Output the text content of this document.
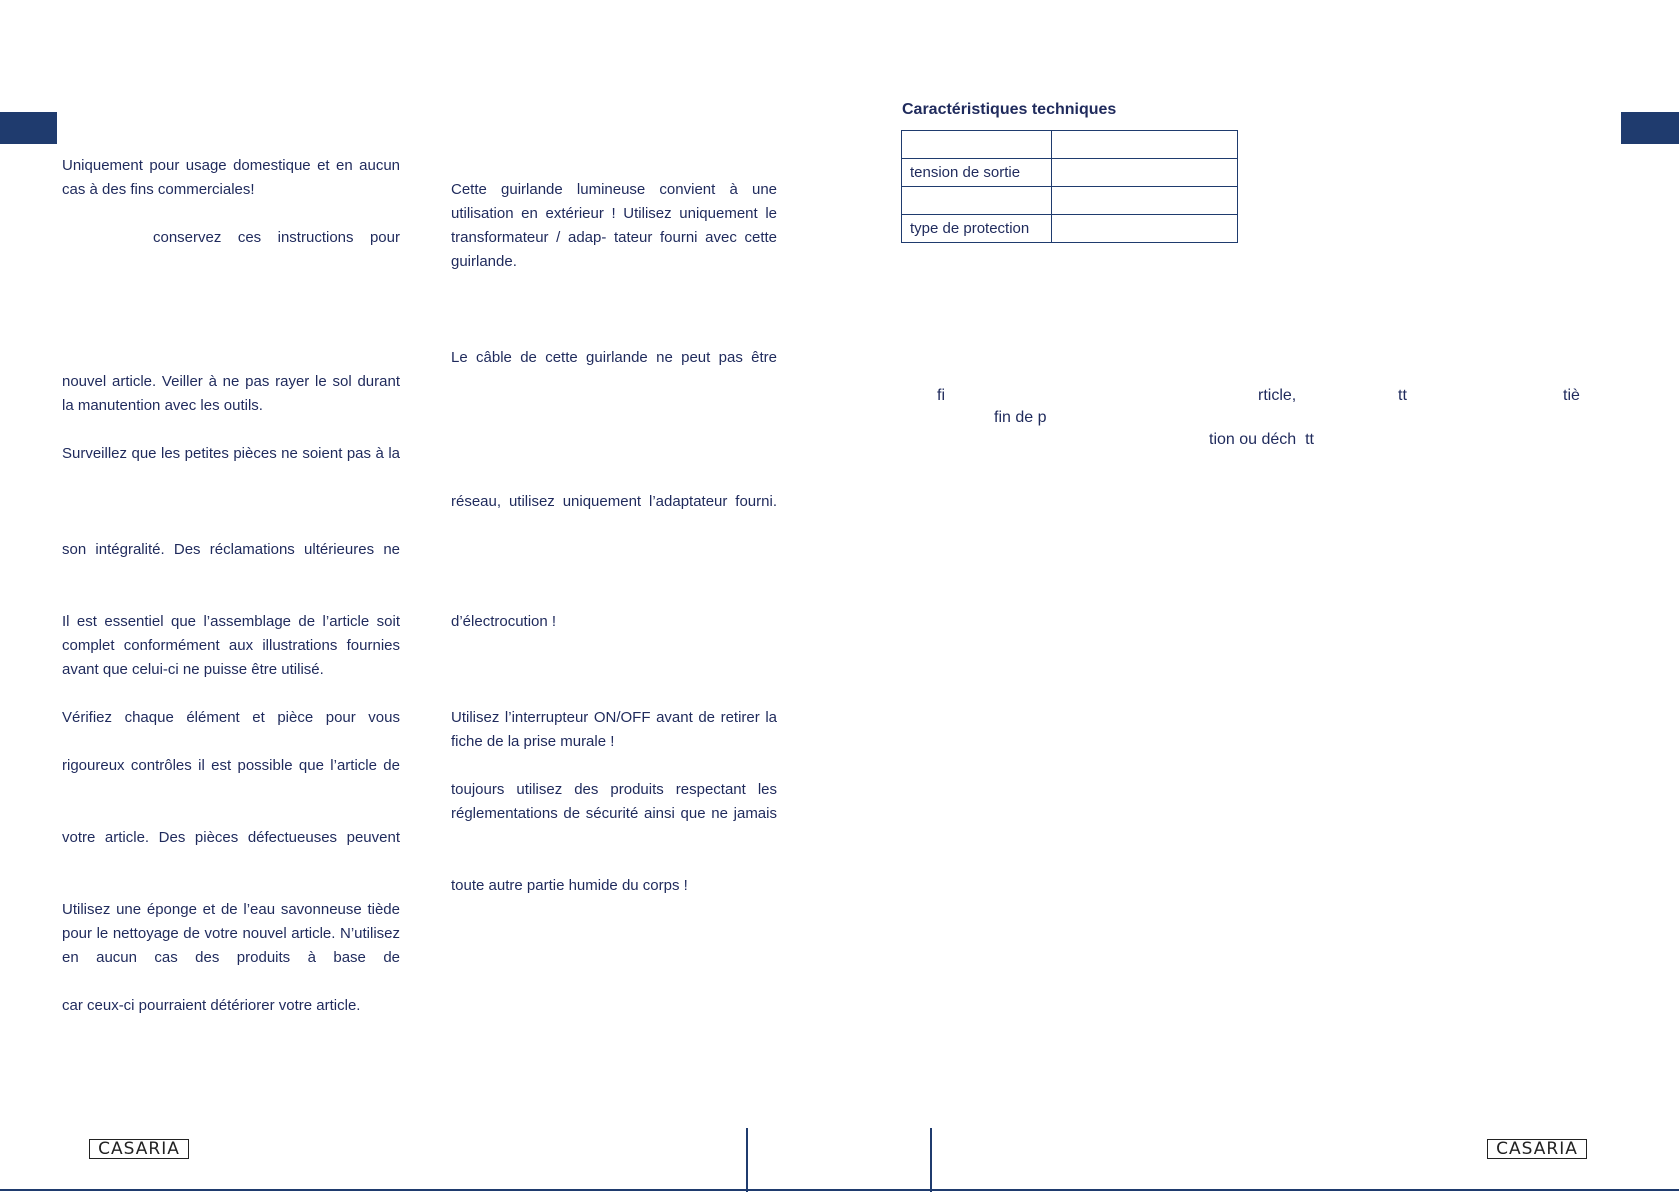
Uniquement pour usage domestique et en aucun cas à des fins commerciales!

conservez ces instructions pour

nouvel article. Veiller à ne pas rayer le sol durant la manutention avec les outils.

Surveillez que les petites pièces ne soient pas à la

son intégralité. Des réclamations ultérieures ne

Il est essentiel que l’assemblage de l’article soit complet conformément aux illustrations fournies avant que celui-ci ne puisse être utilisé.

Vérifiez chaque élément et pièce pour vous

rigoureux contrôles il est possible que l’article de

votre article. Des pièces défectueuses peuvent

Utilisez une éponge et de l’eau savonneuse tiède pour le nettoyage de votre nouvel article. N’utilisez en aucun cas des produits à base de

car ceux-ci pourraient détériorer votre article.

Cette guirlande lumineuse convient à une utilisation en extérieur ! Utilisez uniquement le transformateur / adap- tateur fourni avec cette guirlande.

Le câble de cette guirlande ne peut pas être

réseau, utilisez uniquement l’adaptateur fourni.

d’électrocution !

Utilisez l’interrupteur ON/OFF avant de retirer la fiche de la prise murale !

toujours utilisez des produits respectant les réglementations de sécurité ainsi que ne jamais

toute autre partie humide du corps !

Caractéristiques techniques

tension de sortie	

type de protection	
fi	rticle,	tt	tiè
fin de p
tion ou déch  tt
CASARIA	CASARIA
